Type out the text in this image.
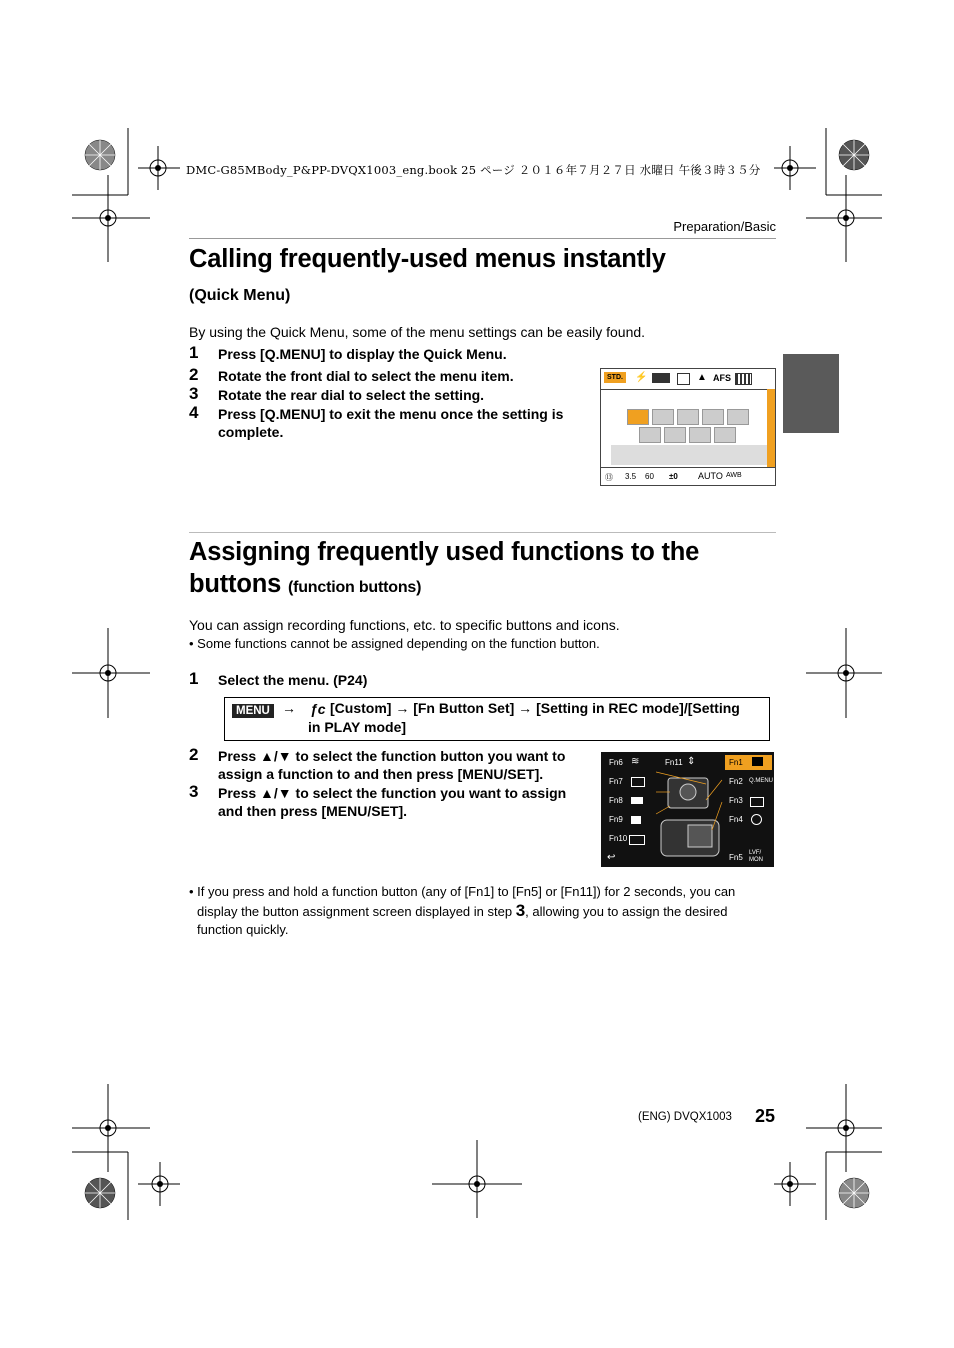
DMC-G85MBody_P&PP-DVQX1003_eng.book 25 ページ ２０１６年７月２７日 水曜日 午後３時３５分
Preparation/Basic
Calling frequently-used menus instantly
(Quick Menu)
By using the Quick Menu, some of the menu settings can be easily found.
1 Press [Q.MENU] to display the Quick Menu.
2 Rotate the front dial to select the menu item.
3 Rotate the rear dial to select the setting.
4 Press [Q.MENU] to exit the menu once the setting is complete.
STD.	⚡	▲ AFS
⑬ 3.5 60 ±0 AUTO AWB
Assigning frequently used functions to the
buttons (function buttons)
You can assign recording functions, etc. to specific buttons and icons.
• Some functions cannot be assigned depending on the function button.
1 Select the menu. (P24)
MENU → ƒc [Custom] → [Fn Button Set] → [Setting in REC mode]/[Setting
in PLAY mode]
2 Press ▲/▼ to select the function button you want to assign a function to and then press [MENU/SET].
3 Press ▲/▼ to select the function you want to assign and then press [MENU/SET].
Fn6 ≋
Fn7
Fn8
Fn9
Fn10
Fn11 ⇕	Fn1
Fn2 Q.MENU
Fn3
Fn4
Fn5 LVF/
MON
↩
• If you press and hold a function button (any of [Fn1] to [Fn5] or [Fn11]) for 2 seconds, you can
display the button assignment screen displayed in step 3, allowing you to assign the desired
function quickly.
(ENG) DVQX1003 25
